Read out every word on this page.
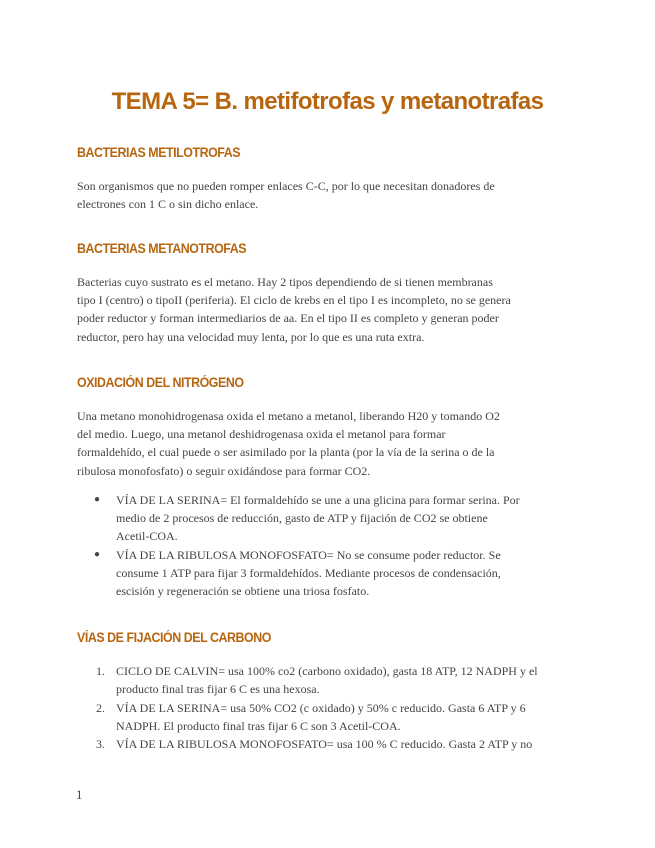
TEMA 5= B. metifotrofas y metanotrafas
BACTERIAS METILOTROFAS

Son organismos que no pueden romper enlaces C-C, por lo que necesitan donadores de
electrones con 1 C o sin dicho enlace.

BACTERIAS METANOTROFAS

Bacterias cuyo sustrato es el metano. Hay 2 tipos dependiendo de si tienen membranas
tipo I (centro) o tipoII (periferia). El ciclo de krebs en el tipo I es incompleto, no se genera
poder reductor y forman intermediarios de aa. En el tipo II es completo y generan poder
reductor, pero hay una velocidad muy lenta, por lo que es una ruta extra.

OXIDACIÓN DEL NITRÓGENO

Una metano monohidrogenasa oxida el metano a metanol, liberando H20 y tomando O2
del medio. Luego, una metanol deshidrogenasa oxida el metanol para formar
formaldehído, el cual puede o ser asimilado por la planta (por la vía de la serina o de la
ribulosa monofosfato) o seguir oxidándose para formar CO2.

● VÍA DE LA SERINA= El formaldehído se une a una glicina para formar serina. Por
medio de 2 procesos de reducción, gasto de ATP y fijación de CO2 se obtiene
Acetil-COA.
● VÍA DE LA RIBULOSA MONOFOSFATO= No se consume poder reductor. Se
consume 1 ATP para fijar 3 formaldehídos. Mediante procesos de condensación,
escisión y regeneración se obtiene una triosa fosfato.
VÍAS DE FIJACIÓN DEL CARBONO
1. CICLO DE CALVIN= usa 100% co2 (carbono oxidado), gasta 18 ATP, 12 NADPH y el
producto final tras fijar 6 C es una hexosa.
2. VÍA DE LA SERINA= usa 50% CO2 (c oxidado) y 50% c reducido. Gasta 6 ATP y 6
NADPH. El producto final tras fijar 6 C son 3 Acetil-COA.
3. VÍA DE LA RIBULOSA MONOFOSFATO= usa 100 % C reducido. Gasta 2 ATP y no
1
